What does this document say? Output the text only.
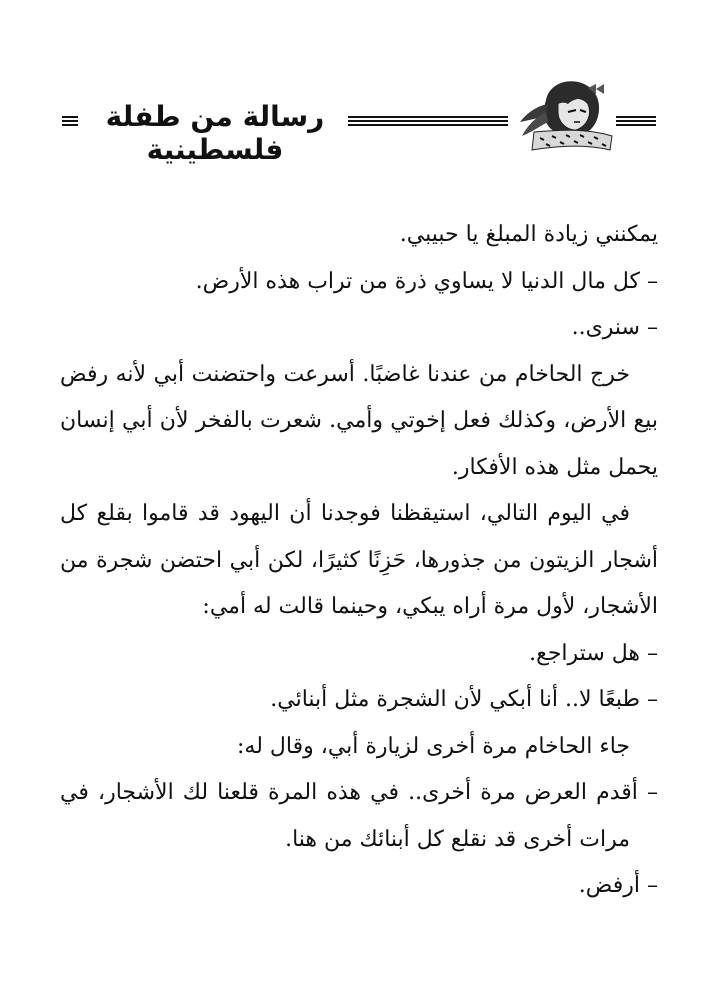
رسالة من طفلة فلسطينية

يمكنني زيادة المبلغ يا حبيبي.

– كل مال الدنيا لا يساوي ذرة من تراب هذه الأرض.

– سنرى..

خرج الحاخام من عندنا غاضبًا. أسرعت واحتضنت أبي لأنه رفض بيع الأرض، وكذلك فعل إخوتي وأمي. شعرت بالفخر لأن أبي إنسان يحمل مثل هذه الأفكار.

في اليوم التالي، استيقظنا فوجدنا أن اليهود قد قاموا بقلع كل أشجار الزيتون من جذورها، حَزِنًا كثيرًا، لكن أبي احتضن شجرة من الأشجار، لأول مرة أراه يبكي، وحينما قالت له أمي:

– هل ستراجع.

– طبعًا لا.. أنا أبكي لأن الشجرة مثل أبنائي.

جاء الحاخام مرة أخرى لزيارة أبي، وقال له:

– أقدم العرض مرة أخرى.. في هذه المرة قلعنا لك الأشجار، في مرات أخرى قد نقلع كل أبنائك من هنا.

– أرفض.
